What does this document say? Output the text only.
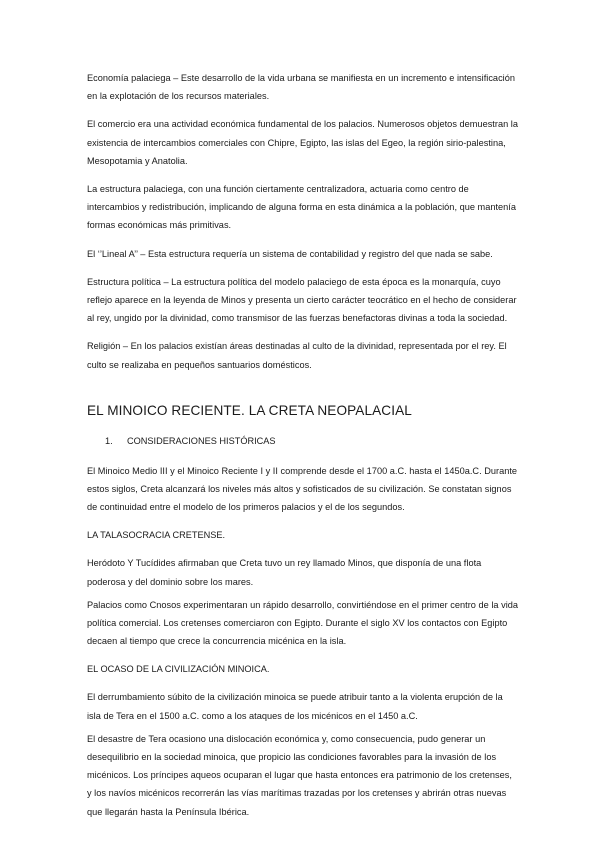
Economía palaciega – Este desarrollo de la vida urbana se manifiesta en un incremento e intensificación en la explotación de los recursos materiales.

El comercio era una actividad económica fundamental de los palacios. Numerosos objetos demuestran la existencia de intercambios comerciales con Chipre, Egipto, las islas del Egeo, la región sirio-palestina, Mesopotamia y Anatolia.

La estructura palaciega, con una función ciertamente centralizadora, actuaria como centro de intercambios y redistribución, implicando de alguna forma en esta dinámica a la población, que mantenía formas económicas más primitivas.

El ‘’Lineal A’’ – Esta estructura requería un sistema de contabilidad y registro del que nada se sabe.

Estructura política – La estructura política del modelo palaciego de esta época es la monarquía, cuyo reflejo aparece en la leyenda de Minos y presenta un cierto carácter teocrático en el hecho de considerar al rey, ungido por la divinidad, como transmisor de las fuerzas benefactoras divinas a toda la sociedad.

Religión – En los palacios existían áreas destinadas al culto de la divinidad, representada por el rey. El culto se realizaba en pequeños santuarios domésticos.

EL MINOICO RECIENTE. LA CRETA NEOPALACIAL
1.	CONSIDERACIONES HISTÓRICAS

El Minoico Medio III y el Minoico Reciente I y II comprende desde el 1700 a.C. hasta el 1450a.C. Durante estos siglos, Creta alcanzará los niveles más altos y sofisticados de su civilización. Se constatan signos de continuidad entre el modelo de los primeros palacios y el de los segundos.

LA TALASOCRACIA CRETENSE.

Heródoto Y Tucídides afirmaban que Creta tuvo un rey llamado Minos, que disponía de una flota poderosa y del dominio sobre los mares.

Palacios como Cnosos experimentaran un rápido desarrollo, convirtiéndose en el primer centro de la vida política comercial. Los cretenses comerciaron con Egipto. Durante el siglo XV los contactos con Egipto decaen al tiempo que crece la concurrencia micénica en la isla.

EL OCASO DE LA CIVILIZACIÓN MINOICA.

El derrumbamiento súbito de la civilización minoica se puede atribuir tanto a la violenta erupción de la isla de Tera en el 1500 a.C. como a los ataques de los micénicos en el 1450 a.C.

El desastre de Tera ocasiono una dislocación económica y, como consecuencia, pudo generar un desequilibrio en la sociedad minoica, que propicio las condiciones favorables para la invasión de los micénicos. Los príncipes aqueos ocuparan el lugar que hasta entonces era patrimonio de los cretenses, y los navíos micénicos recorrerán las vías marítimas trazadas por los cretenses y abrirán otras nuevas que llegarán hasta la Península Ibérica.
